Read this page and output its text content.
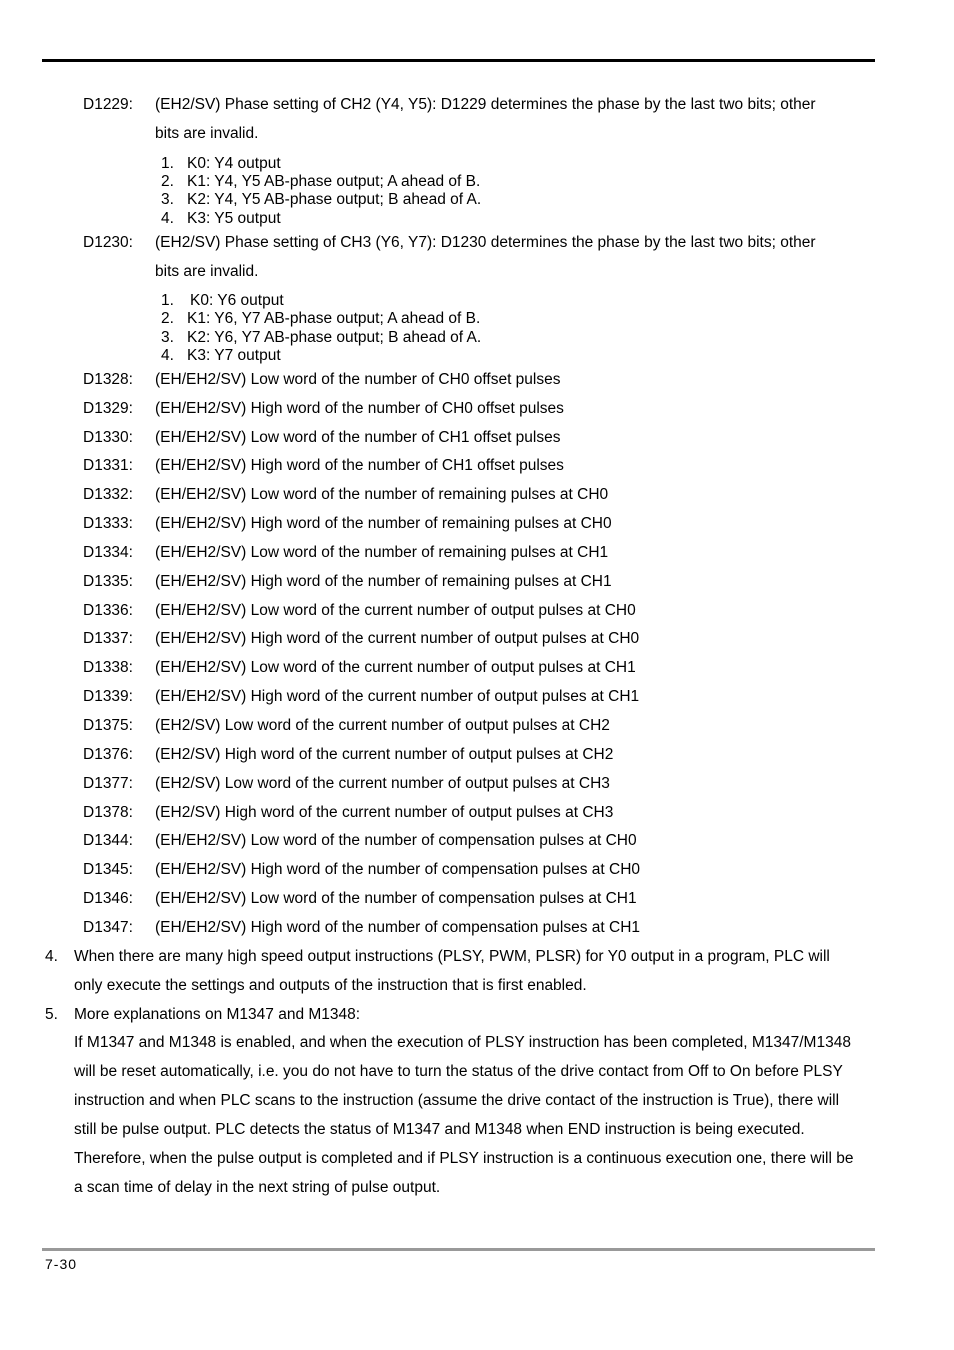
D1229: (EH2/SV) Phase setting of CH2 (Y4, Y5): D1229 determines the phase by the last two bits; other
bits are invalid.
1. K0: Y4 output
2. K1: Y4, Y5 AB-phase output; A ahead of B.
3. K2: Y4, Y5 AB-phase output; B ahead of A.
4. K3: Y5 output
D1230: (EH2/SV) Phase setting of CH3 (Y6, Y7): D1230 determines the phase by the last two bits; other
bits are invalid.
1. K0: Y6 output
2. K1: Y6, Y7 AB-phase output; A ahead of B.
3. K2: Y6, Y7 AB-phase output; B ahead of A.
4. K3: Y7 output
D1328: (EH/EH2/SV) Low word of the number of CH0 offset pulses
D1329: (EH/EH2/SV) High word of the number of CH0 offset pulses
D1330: (EH/EH2/SV) Low word of the number of CH1 offset pulses
D1331: (EH/EH2/SV) High word of the number of CH1 offset pulses
D1332: (EH/EH2/SV) Low word of the number of remaining pulses at CH0
D1333: (EH/EH2/SV) High word of the number of remaining pulses at CH0
D1334: (EH/EH2/SV) Low word of the number of remaining pulses at CH1
D1335: (EH/EH2/SV) High word of the number of remaining pulses at CH1
D1336: (EH/EH2/SV) Low word of the current number of output pulses at CH0
D1337: (EH/EH2/SV) High word of the current number of output pulses at CH0
D1338: (EH/EH2/SV) Low word of the current number of output pulses at CH1
D1339: (EH/EH2/SV) High word of the current number of output pulses at CH1
D1375: (EH2/SV) Low word of the current number of output pulses at CH2
D1376: (EH2/SV) High word of the current number of output pulses at CH2
D1377: (EH2/SV) Low word of the current number of output pulses at CH3
D1378: (EH2/SV) High word of the current number of output pulses at CH3
D1344: (EH/EH2/SV) Low word of the number of compensation pulses at CH0
D1345: (EH/EH2/SV) High word of the number of compensation pulses at CH0
D1346: (EH/EH2/SV) Low word of the number of compensation pulses at CH1
D1347: (EH/EH2/SV) High word of the number of compensation pulses at CH1
4. When there are many high speed output instructions (PLSY, PWM, PLSR) for Y0 output in a program, PLC will
only execute the settings and outputs of the instruction that is first enabled.
5. More explanations on M1347 and M1348:
If M1347 and M1348 is enabled, and when the execution of PLSY instruction has been completed, M1347/M1348
will be reset automatically, i.e. you do not have to turn the status of the drive contact from Off to On before PLSY
instruction and when PLC scans to the instruction (assume the drive contact of the instruction is True), there will
still be pulse output. PLC detects the status of M1347 and M1348 when END instruction is being executed.
Therefore, when the pulse output is completed and if PLSY instruction is a continuous execution one, there will be
a scan time of delay in the next string of pulse output.
7-30
